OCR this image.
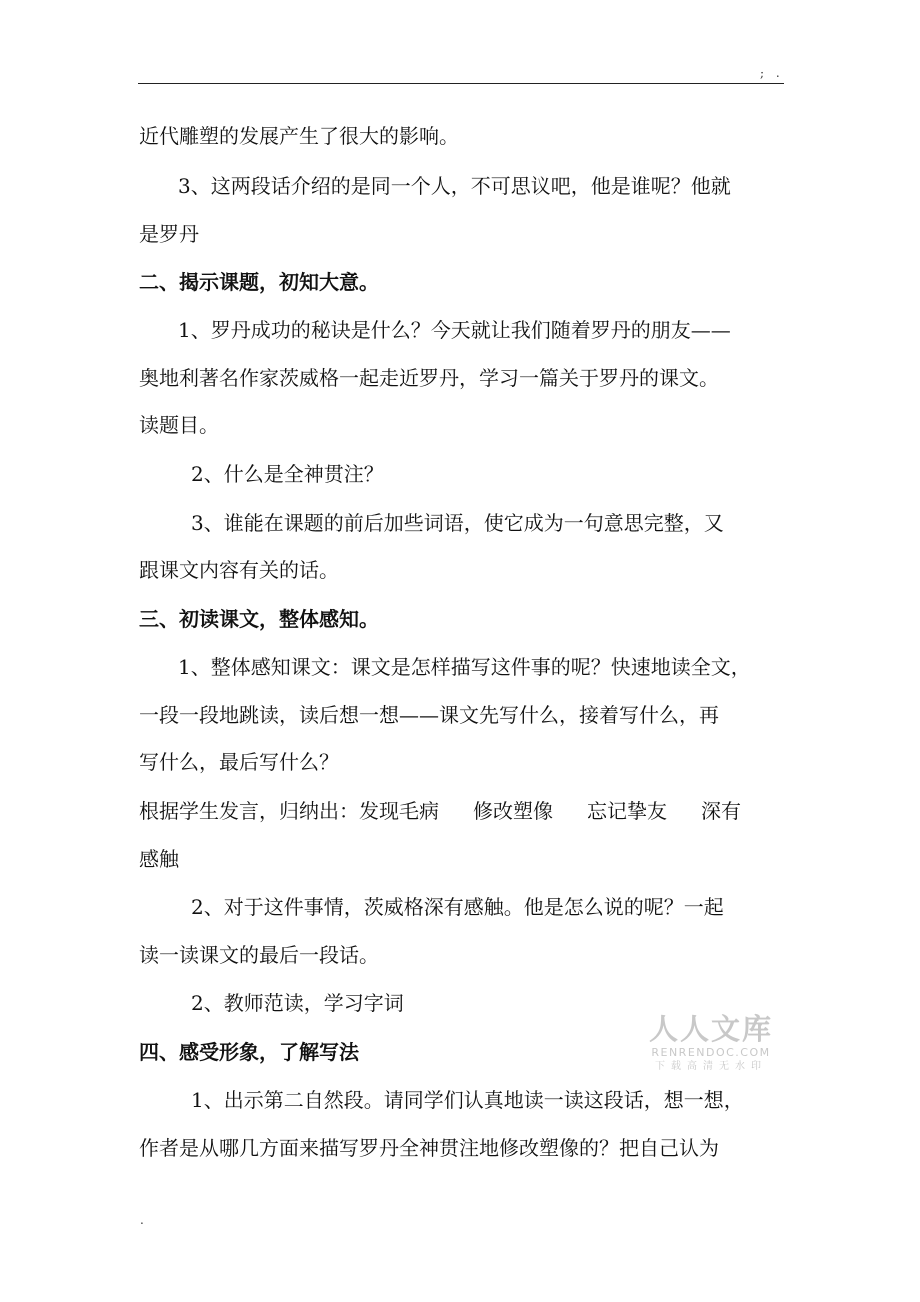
; .
近代雕塑的发展产生了很大的影响。
3、这两段话介绍的是同一个人，不可思议吧，他是谁呢？他就
是罗丹
二、揭示课题，初知大意。
1、罗丹成功的秘诀是什么？今天就让我们随着罗丹的朋友——
奥地利著名作家茨威格一起走近罗丹，学习一篇关于罗丹的课文。
读题目。
2、什么是全神贯注？
3、谁能在课题的前后加些词语，使它成为一句意思完整，又
跟课文内容有关的话。
三、初读课文，整体感知。
1、整体感知课文：课文是怎样描写这件事的呢？快速地读全文，
一段一段地跳读，读后想一想——课文先写什么，接着写什么，再
写什么，最后写什么？
根据学生发言，归纳出：发现毛病 修改塑像 忘记挚友 深有
感触
2、对于这件事情，茨威格深有感触。他是怎么说的呢？一起
读一读课文的最后一段话。
2、教师范读，学习字词
四、感受形象，了解写法
1、出示第二自然段。请同学们认真地读一读这段话，想一想，
作者是从哪几方面来描写罗丹全神贯注地修改塑像的？把自己认为
人人文库
RENRENDOC.COM
下载高清无水印
.
